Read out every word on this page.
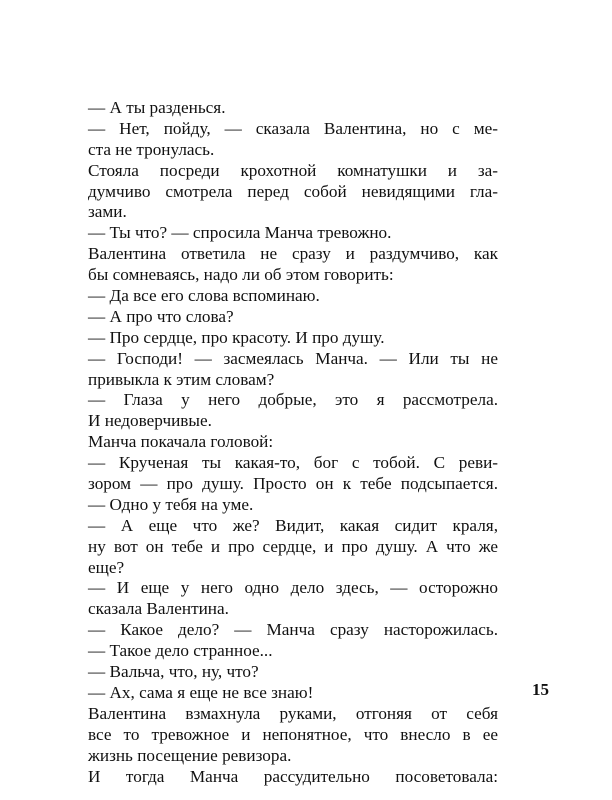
— А ты разденься.
— Нет, пойду, — сказала Валентина, но с ме-
ста не тронулась.
Стояла посреди крохотной комнатушки и за-
думчиво смотрела перед собой невидящими гла-
зами.
— Ты что? — спросила Манча тревожно.
Валентина ответила не сразу и раздумчиво, как
бы сомневаясь, надо ли об этом говорить:
— Да все его слова вспоминаю.
— А про что слова?
— Про сердце, про красоту. И про душу.
— Господи! — засмеялась Манча. — Или ты не
привыкла к этим словам?
— Глаза у него добрые, это я рассмотрела.
И недоверчивые.
Манча покачала головой:
— Крученая ты какая-то, бог с тобой. С реви-
зором — про душу. Просто он к тебе подсыпается.
— Одно у тебя на уме.
— А еще что же? Видит, какая сидит краля,
ну вот он тебе и про сердце, и про душу. А что же
еще?
— И еще у него одно дело здесь, — осторожно
сказала Валентина.
— Какое дело? — Манча сразу насторожилась.
— Такое дело странное...
— Вальча, что, ну, что?
— Ах, сама я еще не все знаю!
Валентина взмахнула руками, отгоняя от себя
все то тревожное и непонятное, что внесло в ее
жизнь посещение ревизора.
И тогда Манча рассудительно посоветовала:
15
